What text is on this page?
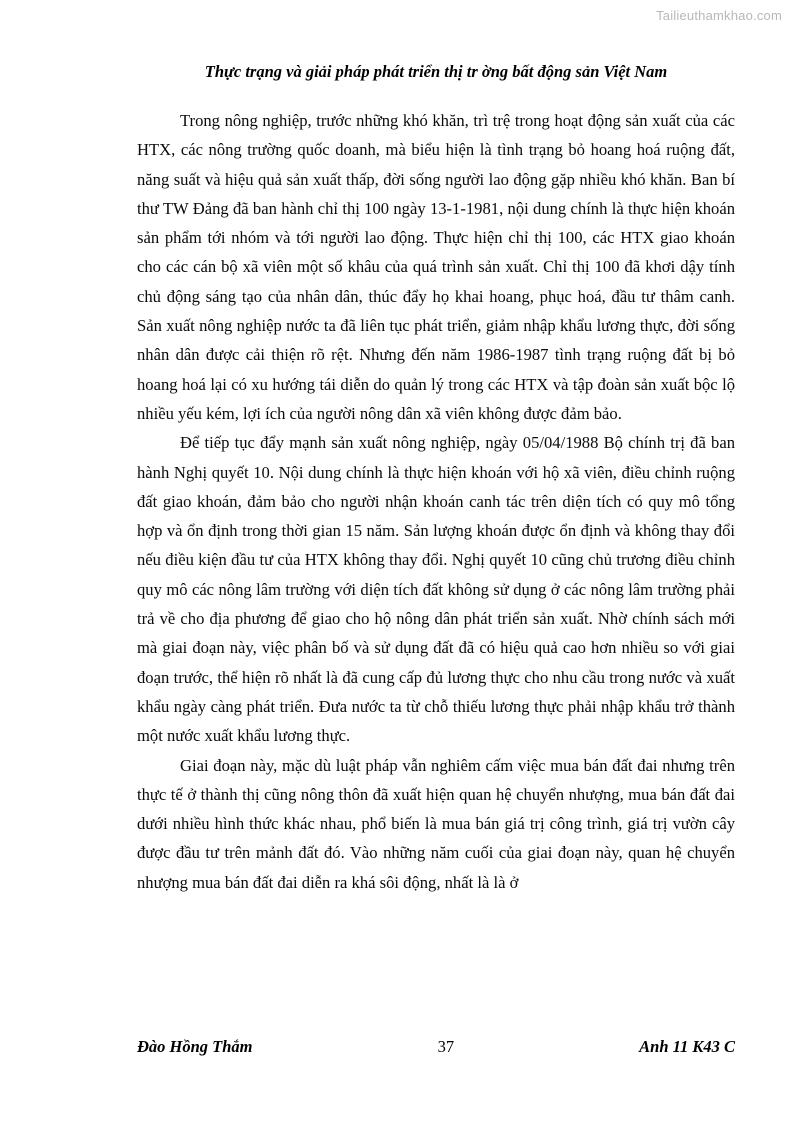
Tailieuthamkhao.com
Thực trạng và giải pháp phát triển thị tr ờng bất động sản Việt Nam

Trong nông nghiệp, trước những khó khăn, trì trệ trong hoạt động sản xuất của các HTX, các nông trường quốc doanh, mà biểu hiện là tình trạng bỏ hoang hoá ruộng đất, năng suất và hiệu quả sản xuất thấp, đời sống người lao động gặp nhiều khó khăn. Ban bí thư TW Đảng đã ban hành chỉ thị 100 ngày 13-1-1981, nội dung chính là thực hiện khoán sản phẩm tới nhóm và tới người lao động. Thực hiện chỉ thị 100, các HTX giao khoán cho các cán bộ xã viên một số khâu của quá trình sản xuất. Chỉ thị 100 đã khơi dậy tính chủ động sáng tạo của nhân dân, thúc đẩy họ khai hoang, phục hoá, đầu tư thâm canh. Sản xuất nông nghiệp nước ta đã liên tục phát triển, giảm nhập khẩu lương thực, đời sống nhân dân được cải thiện rõ rệt. Nhưng đến năm 1986-1987 tình trạng ruộng đất bị bỏ hoang hoá lại có xu hướng tái diễn do quản lý trong các HTX và tập đoàn sản xuất bộc lộ nhiều yếu kém, lợi ích của người nông dân xã viên không được đảm bảo.

Để tiếp tục đẩy mạnh sản xuất nông nghiệp, ngày 05/04/1988 Bộ chính trị đã ban hành Nghị quyết 10. Nội dung chính là thực hiện khoán với hộ xã viên, điều chỉnh ruộng đất giao khoán, đảm bảo cho người nhận khoán canh tác trên diện tích có quy mô tổng hợp và ổn định trong thời gian 15 năm. Sản lượng khoán được ổn định và không thay đổi nếu điều kiện đầu tư của HTX không thay đổi. Nghị quyết 10 cũng chủ trương điều chỉnh quy mô các nông lâm trường với diện tích đất không sử dụng ở các nông lâm trường phải trả về cho địa phương để giao cho hộ nông dân phát triển sản xuất. Nhờ chính sách mới mà giai đoạn này, việc phân bố và sử dụng đất đã có hiệu quả cao hơn nhiều so với giai đoạn trước, thể hiện rõ nhất là đã cung cấp đủ lương thực cho nhu cầu trong nước và xuất khẩu ngày càng phát triển. Đưa nước ta từ chỗ thiếu lương thực phải nhập khẩu trở thành một nước xuất khẩu lương thực.

Giai đoạn này, mặc dù luật pháp vẫn nghiêm cấm việc mua bán đất đai nhưng trên thực tế ở thành thị cũng nông thôn đã xuất hiện quan hệ chuyển nhượng, mua bán đất đai dưới nhiều hình thức khác nhau, phổ biến là mua bán giá trị công trình, giá trị vườn cây được đầu tư trên mảnh đất đó. Vào những năm cuối của giai đoạn này, quan hệ chuyển nhượng mua bán đất đai diễn ra khá sôi động, nhất là là ở

Đào Hồng Thắm	37	Anh 11 K43 C
